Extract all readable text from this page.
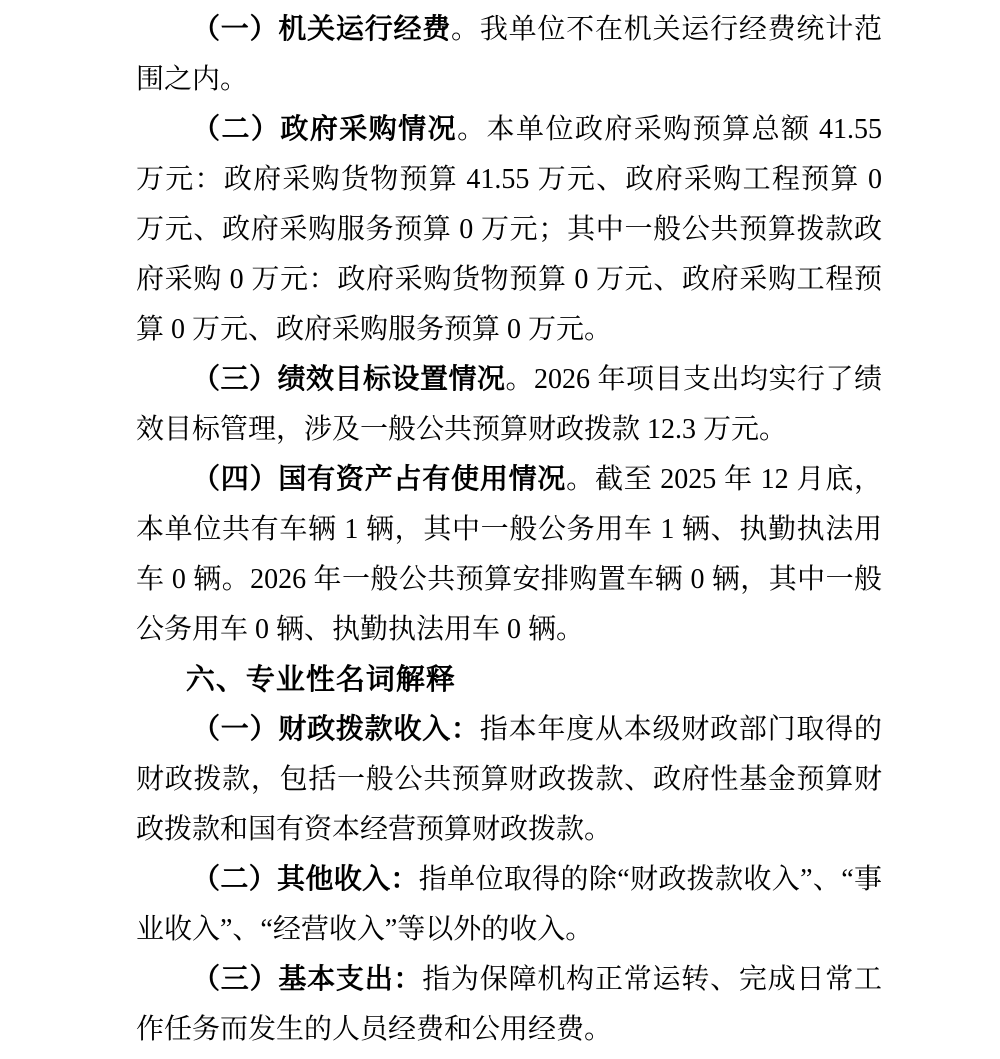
（一）机关运行经费。我单位不在机关运行经费统计范围之内。

（二）政府采购情况。本单位政府采购预算总额 41.55 万元：政府采购货物预算 41.55 万元、政府采购工程预算 0 万元、政府采购服务预算 0 万元；其中一般公共预算拨款政府采购 0 万元：政府采购货物预算 0 万元、政府采购工程预算 0 万元、政府采购服务预算 0 万元。

（三）绩效目标设置情况。2026 年项目支出均实行了绩效目标管理，涉及一般公共预算财政拨款 12.3 万元。

（四）国有资产占有使用情况。截至 2025 年 12 月底，本单位共有车辆 1 辆，其中一般公务用车 1 辆、执勤执法用车 0 辆。2026 年一般公共预算安排购置车辆 0 辆，其中一般公务用车 0 辆、执勤执法用车 0 辆。

六、专业性名词解释

（一）财政拨款收入：指本年度从本级财政部门取得的财政拨款，包括一般公共预算财政拨款、政府性基金预算财政拨款和国有资本经营预算财政拨款。

（二）其他收入：指单位取得的除“财政拨款收入”、“事业收入”、“经营收入”等以外的收入。

（三）基本支出：指为保障机构正常运转、完成日常工作任务而发生的人员经费和公用经费。
